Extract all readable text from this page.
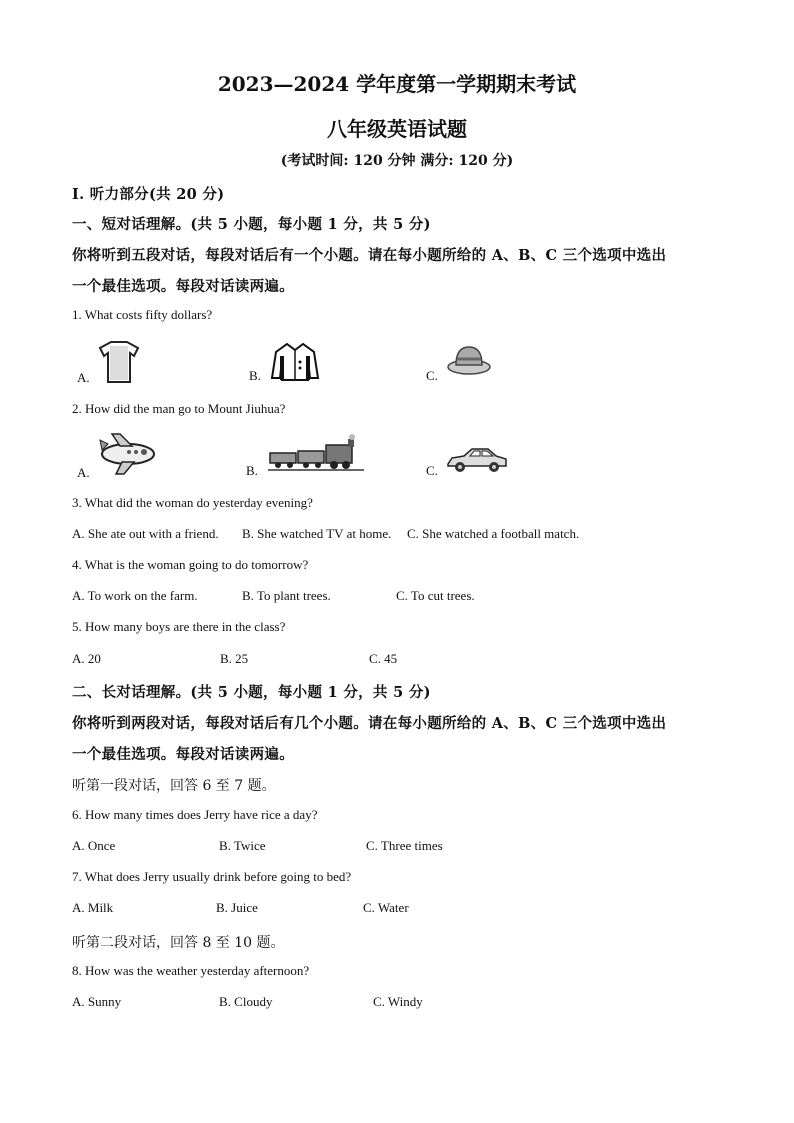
2023—2024 学年度第一学期期末考试
八年级英语试题
(考试时间: 120 分钟 满分: 120 分)
Ⅰ. 听力部分(共 20 分)
一、短对话理解。(共 5 小题，每小题 1 分，共 5 分)
你将听到五段对话，每段对话后有一个小题。请在每小题所给的 A、B、C 三个选项中选出
一个最佳选项。每段对话读两遍。
1. What costs fifty dollars?
A.	B.	C.
2. How did the man go to Mount Jiuhua?
A.	B.	C.
3. What did the woman do yesterday evening?
A. She ate out with a friend. B. She watched TV at home. C. She watched a football match.
4. What is the woman going to do tomorrow?
A. To work on the farm.	B. To plant trees.	C. To cut trees.
5. How many boys are there in the class?
A. 20	B. 25	C. 45
二、长对话理解。(共 5 小题，每小题 1 分，共 5 分)
你将听到两段对话，每段对话后有几个小题。请在每小题所给的 A、B、C 三个选项中选出
一个最佳选项。每段对话读两遍。
听第一段对话，回答 6 至 7 题。
6. How many times does Jerry have rice a day?
A. Once	B. Twice	C. Three times
7. What does Jerry usually drink before going to bed?
A. Milk	B. Juice	C. Water
听第二段对话，回答 8 至 10 题。
8. How was the weather yesterday afternoon?
A. Sunny	B. Cloudy	C. Windy
